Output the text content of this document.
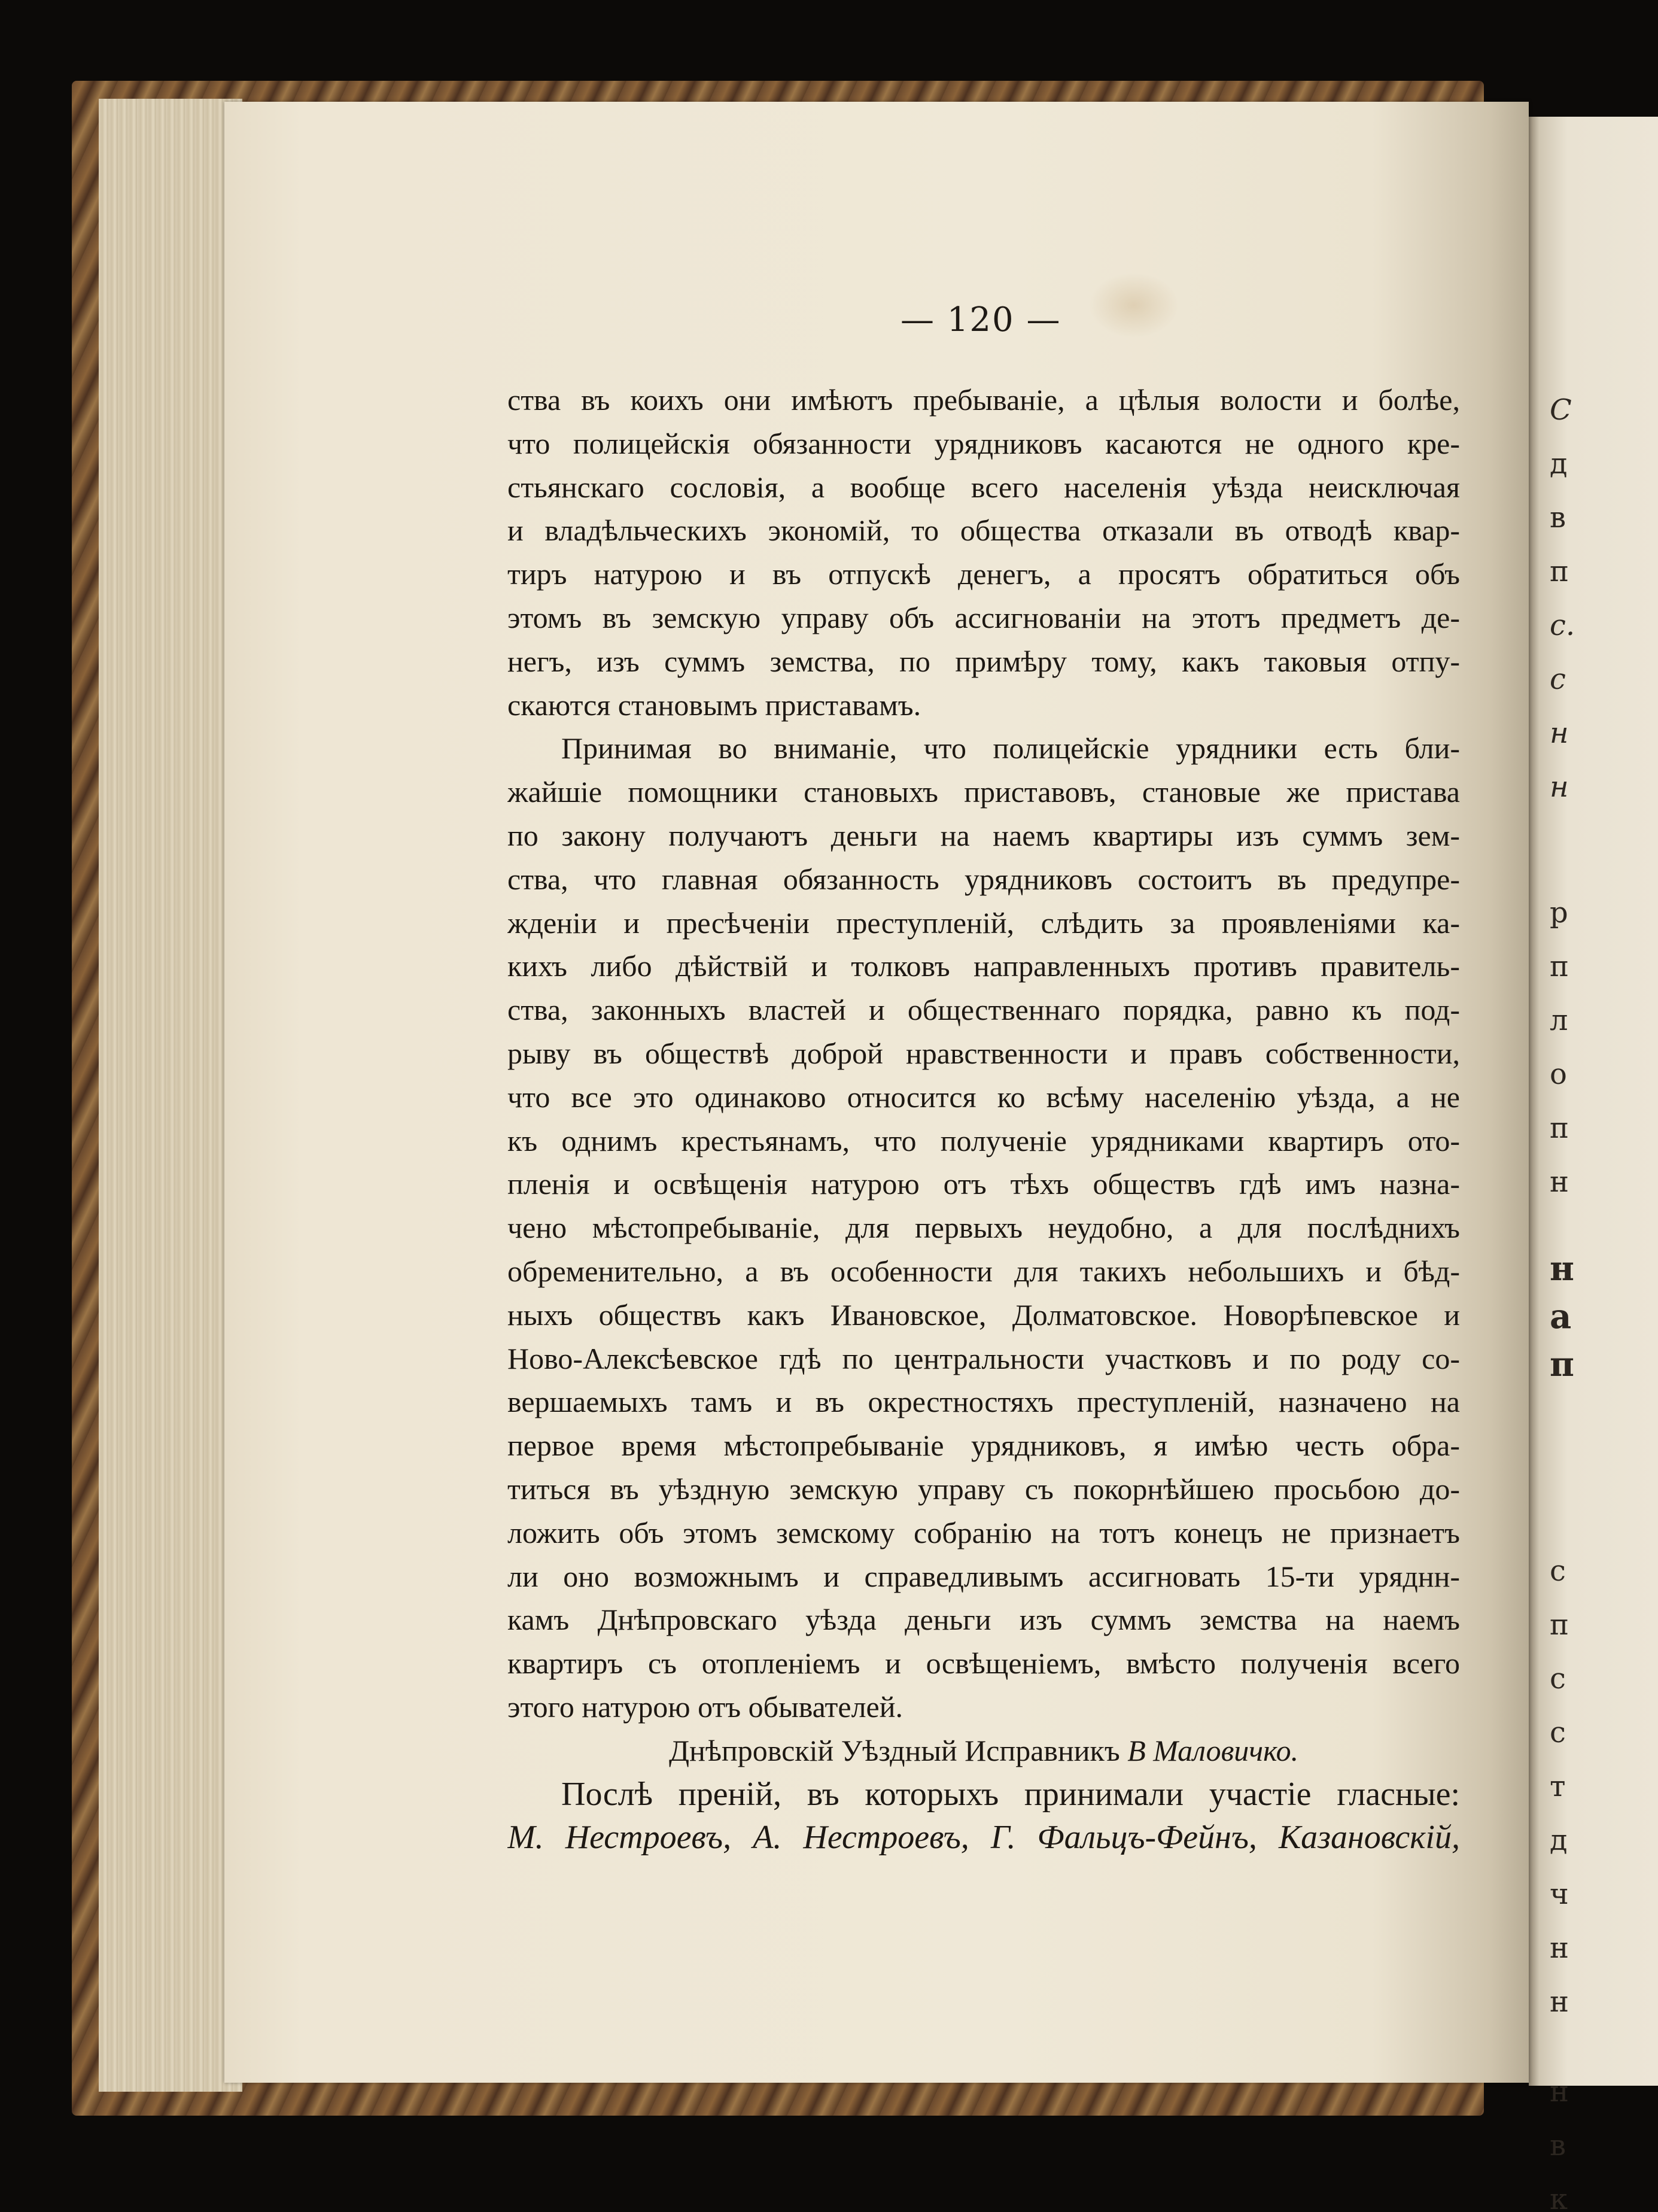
С
д
в
п
с.
с
н
н
р
п
л
о
п
н
н
а
п
с
п
с
с
т
д
ч
н
н
н
в
к
— 120 —
ства въ коихъ они имѣютъ пребываніе, а цѣлыя волости и болѣе,
что полицейскія обязанности урядниковъ касаются не одного кре-
стьянскаго сословія, а вообще всего населенія уѣзда неисключая
и владѣльческихъ экономій, то общества отказали въ отводѣ квар-
тиръ натурою и въ отпускѣ денегъ, а просятъ обратиться объ
этомъ въ земскую управу объ ассигнованіи на этотъ предметъ де-
негъ, изъ суммъ земства, по примѣру тому, какъ таковыя отпу-
скаются становымъ приставамъ.
Принимая во вниманіе, что полицейскіе урядники есть бли-
жайшіе помощники становыхъ приставовъ, становые же пристава
по закону получаютъ деньги на наемъ квартиры изъ суммъ зем-
ства, что главная обязанность урядниковъ состоитъ въ предупре-
жденіи и пресѣченіи преступленій, слѣдить за проявленіями ка-
кихъ либо дѣйствій и толковъ направленныхъ противъ правитель-
ства, законныхъ властей и общественнаго порядка, равно къ под-
рыву въ обществѣ доброй нравственности и правъ собственности,
что все это одинаково относится ко всѣму населенію уѣзда, а не
къ однимъ крестьянамъ, что полученіе урядниками квартиръ ото-
пленія и освѣщенія натурою отъ тѣхъ обществъ гдѣ имъ назна-
чено мѣстопребываніе, для первыхъ неудобно, а для послѣднихъ
обременительно, а въ особенности для такихъ небольшихъ и бѣд-
ныхъ обществъ какъ Ивановское, Долматовское. Новорѣпевское и
Ново-Алексѣевское гдѣ по центральности участковъ и по роду со-
вершаемыхъ тамъ и въ окрестностяхъ преступленій, назначено на
первое время мѣстопребываніе урядниковъ, я имѣю честь обра-
титься въ уѣздную земскую управу съ покорнѣйшею просьбою до-
ложить объ этомъ земскому собранію на тотъ конецъ не признаетъ
ли оно возможнымъ и справедливымъ ассигновать 15-ти уряднн-
камъ Днѣпровскаго уѣзда деньги изъ суммъ земства на наемъ
квартиръ съ отопленіемъ и освѣщеніемъ, вмѣсто полученія всего
этого натурою отъ обывателей.
Днѣпровскій Уѣздный Исправникъ В Маловичко.
Послѣ преній, въ которыхъ принимали участіе гласные:
М. Нестроевъ, А. Нестроевъ, Г. Фальцъ-Фейнъ, Казановскій,
